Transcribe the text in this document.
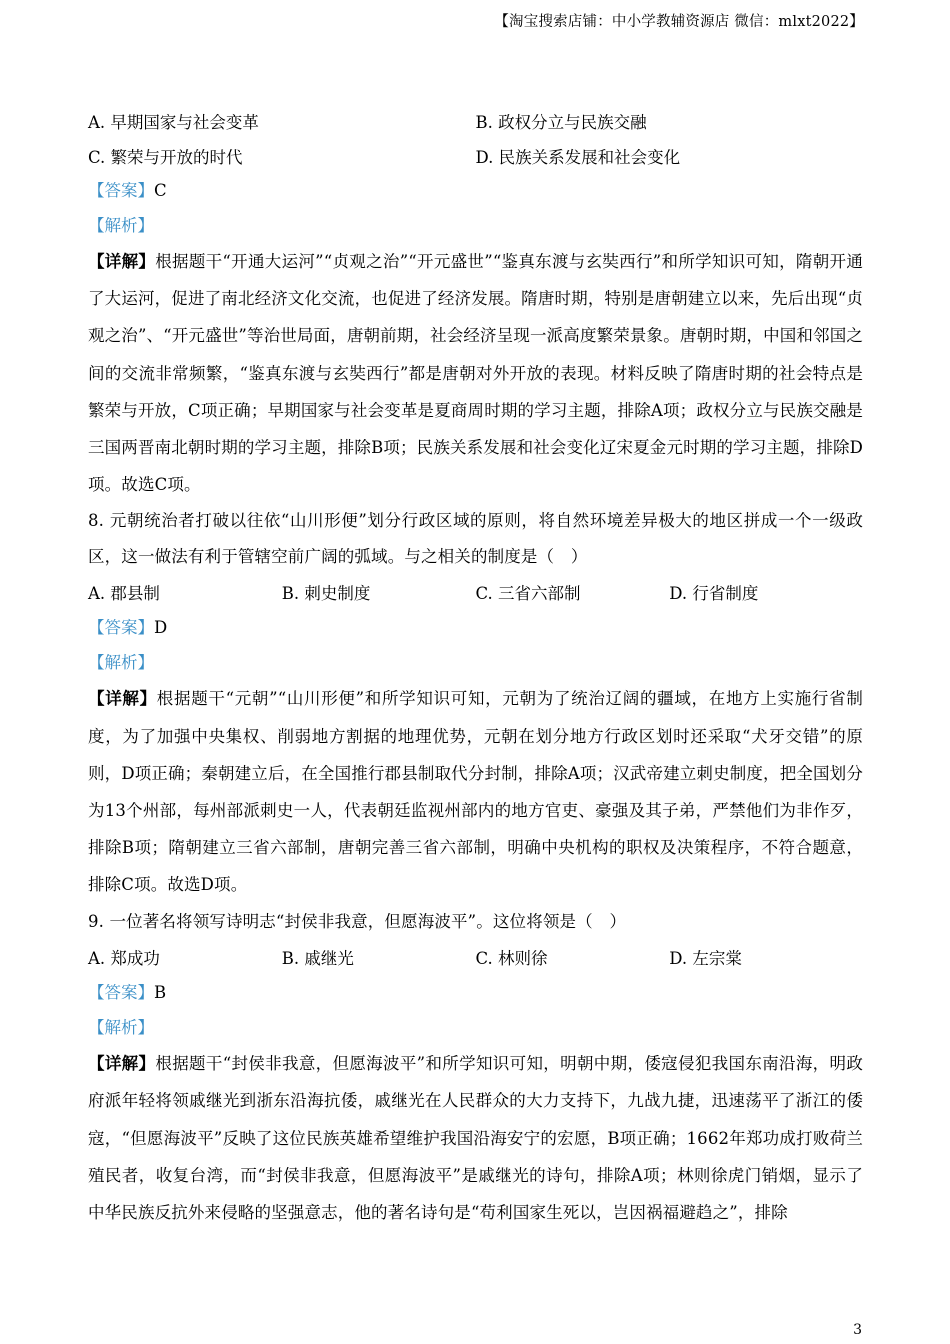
【淘宝搜索店铺：中小学教辅资源店 微信：mlxt2022】
A. 早期国家与社会变革	B. 政权分立与民族交融
C. 繁荣与开放的时代	D. 民族关系发展和社会变化
【答案】C
【解析】
【详解】根据题干“开通大运河”“贞观之治”“开元盛世”“鉴真东渡与玄奘西行”和所学知识可知，隋朝开通了大运河，促进了南北经济文化交流，也促进了经济发展。隋唐时期，特别是唐朝建立以来，先后出现“贞观之治”、“开元盛世”等治世局面，唐朝前期，社会经济呈现一派高度繁荣景象。唐朝时期，中国和邻国之间的交流非常频繁，“鉴真东渡与玄奘西行”都是唐朝对外开放的表现。材料反映了隋唐时期的社会特点是繁荣与开放，C项正确；早期国家与社会变革是夏商周时期的学习主题，排除A项；政权分立与民族交融是三国两晋南北朝时期的学习主题，排除B项；民族关系发展和社会变化辽宋夏金元时期的学习主题，排除D项。故选C项。
8. 元朝统治者打破以往依“山川形便”划分行政区域的原则，将自然环境差异极大的地区拼成一个一级政区，这一做法有利于管辖空前广阔的弧域。与之相关的制度是（　）
A. 郡县制	B. 刺史制度	C. 三省六部制	D. 行省制度
【答案】D
【解析】
【详解】根据题干“元朝”“山川形便”和所学知识可知，元朝为了统治辽阔的疆域，在地方上实施行省制度，为了加强中央集权、削弱地方割据的地理优势，元朝在划分地方行政区划时还采取“犬牙交错”的原则，D项正确；秦朝建立后，在全国推行郡县制取代分封制，排除A项；汉武帝建立刺史制度，把全国划分为13个州部，每州部派刺史一人，代表朝廷监视州部内的地方官吏、豪强及其子弟，严禁他们为非作歹，排除B项；隋朝建立三省六部制，唐朝完善三省六部制，明确中央机构的职权及决策程序，不符合题意，排除C项。故选D项。
9. 一位著名将领写诗明志“封侯非我意，但愿海波平”。这位将领是（　）
A. 郑成功	B. 戚继光	C. 林则徐	D. 左宗棠
【答案】B
【解析】
【详解】根据题干“封侯非我意，但愿海波平”和所学知识可知，明朝中期，倭寇侵犯我国东南沿海，明政府派年轻将领戚继光到浙东沿海抗倭，戚继光在人民群众的大力支持下，九战九捷，迅速荡平了浙江的倭寇，“但愿海波平”反映了这位民族英雄希望维护我国沿海安宁的宏愿，B项正确；1662年郑功成打败荷兰殖民者，收复台湾，而“封侯非我意，但愿海波平”是戚继光的诗句，排除A项；林则徐虎门销烟，显示了中华民族反抗外来侵略的坚强意志，他的著名诗句是“苟利国家生死以，岂因祸福避趋之”，排除
3
